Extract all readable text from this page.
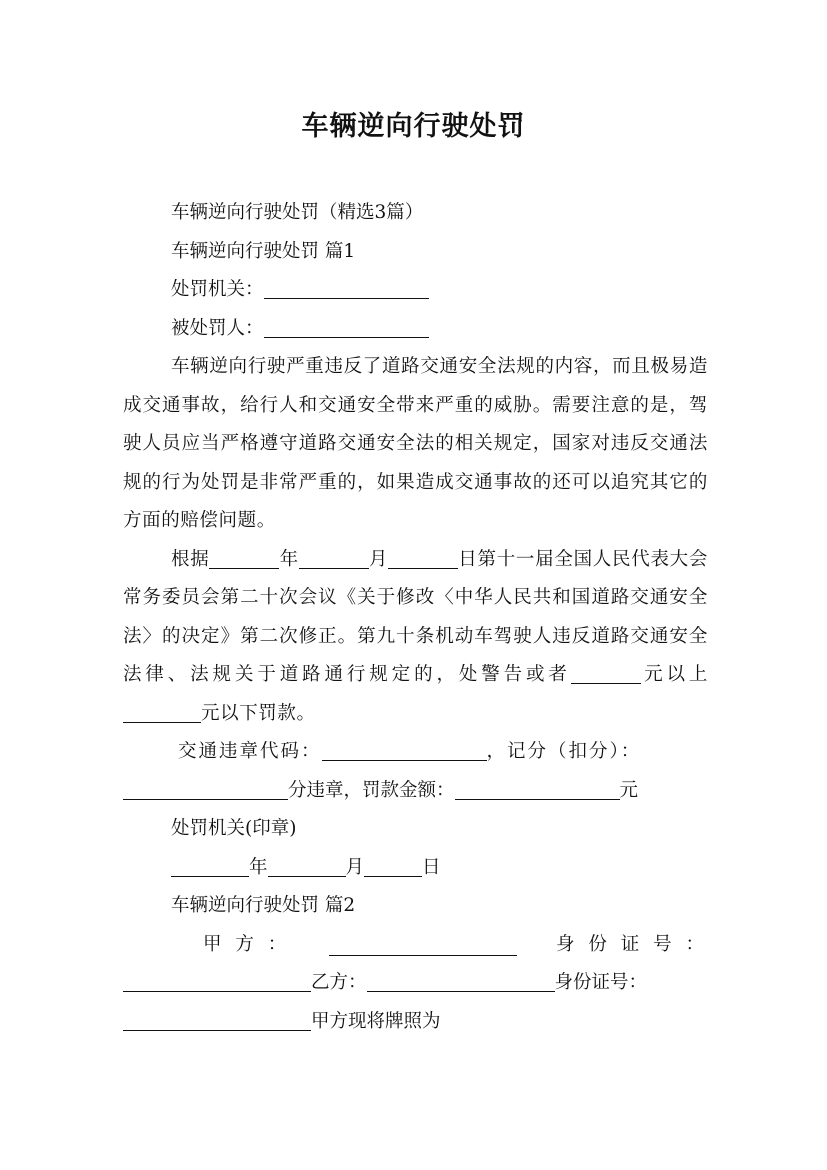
车辆逆向行驶处罚
车辆逆向行驶处罚（精选3篇）
车辆逆向行驶处罚 篇1
处罚机关：
被处罚人：
车辆逆向行驶严重违反了道路交通安全法规的内容，而且极易造成交通事故，给行人和交通安全带来严重的威胁。需要注意的是，驾驶人员应当严格遵守道路交通安全法的相关规定，国家对违反交通法规的行为处罚是非常严重的，如果造成交通事故的还可以追究其它的方面的赔偿问题。
根据	年	月	日第十一届全国人民代表大会常务委员会第二十次会议《关于修改〈中华人民共和国道路交通安全法〉的决定》第二次修正。第九十条机动车驾驶人违反道路交通安全法律、法规关于道路通行规定的，处警告或者	元以上元以下罚款。
交通违章代码：	，记分（扣分）：
分违章，罚款金额：	元
处罚机关(印章)
年	月	日
车辆逆向行驶处罚 篇2
甲 方 ：	身 份 证 号 ：
乙方：	身份证号：
甲方现将牌照为
